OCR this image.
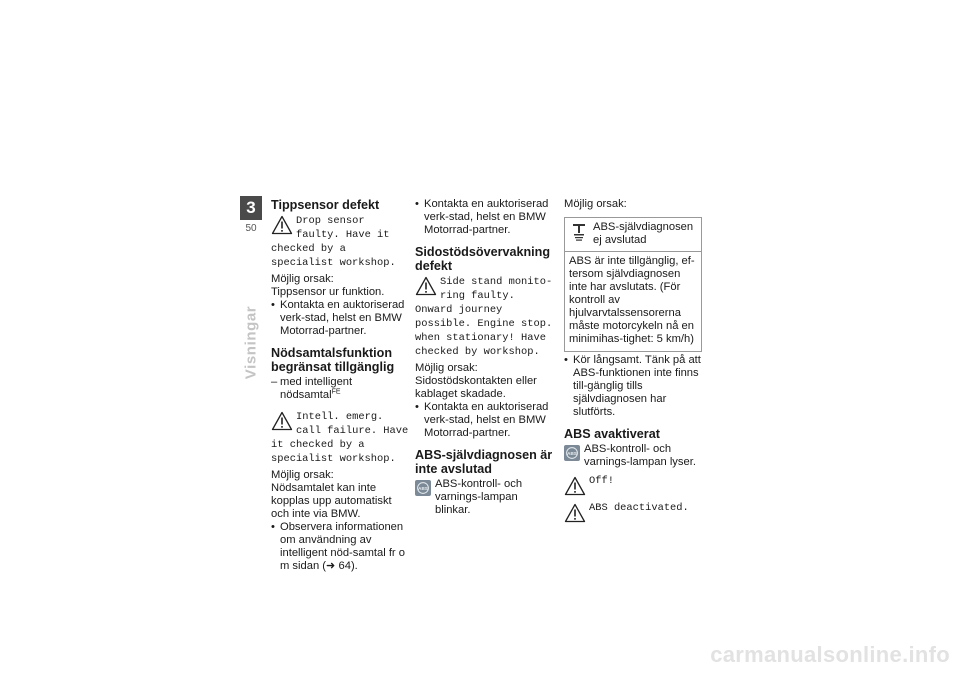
3
50
Visningar
Tippsensor defekt
Drop sensor faulty. Have it checked by a specialist workshop.

Möjlig orsak:

Tippsensor ur funktion.

• Kontakta en auktoriserad verk-stad, helst en BMW Motorrad-partner.
Nödsamtalsfunktion begränsat tillgänglig

– med intelligent nödsamtal$^{FE}$

Intell. emerg. call failure. Have it checked by a specialist workshop.

Möjlig orsak:

Nödsamtalet kan inte kopplas upp automatiskt och inte via BMW.

• Observera informationen om användning av intelligent nöd-samtal fr o m sidan (➜ 64).
• Kontakta en auktoriserad verk-stad, helst en BMW Motorrad-partner.
Sidostödsövervakning defekt
Side stand monito-ring faulty. Onward journey possible. Engine stop. when stationary! Have checked by workshop.

Möjlig orsak:

Sidostödskontakten eller kablaget skadade.

• Kontakta en auktoriserad verk-stad, helst en BMW Motorrad-partner.
ABS-självdiagnosen är inte avslutad
ABS-kontroll- och varnings-lampan blinkar.

Möjlig orsak:

ABS-självdiagnosen ej avslutad
ABS är inte tillgänglig, ef-tersom självdiagnosen inte har avslutats. (För kontroll av hjulvarvtalssensorerna måste motorcykeln nå en minimihas-tighet: 5 km/h)
• Kör långsamt. Tänk på att ABS-funktionen inte finns till-gänglig tills självdiagnosen har slutförts.
ABS avaktiverat
ABS-kontroll- och varnings-lampan lyser.
Off!
ABS deactivated.
carmanualsonline.info
